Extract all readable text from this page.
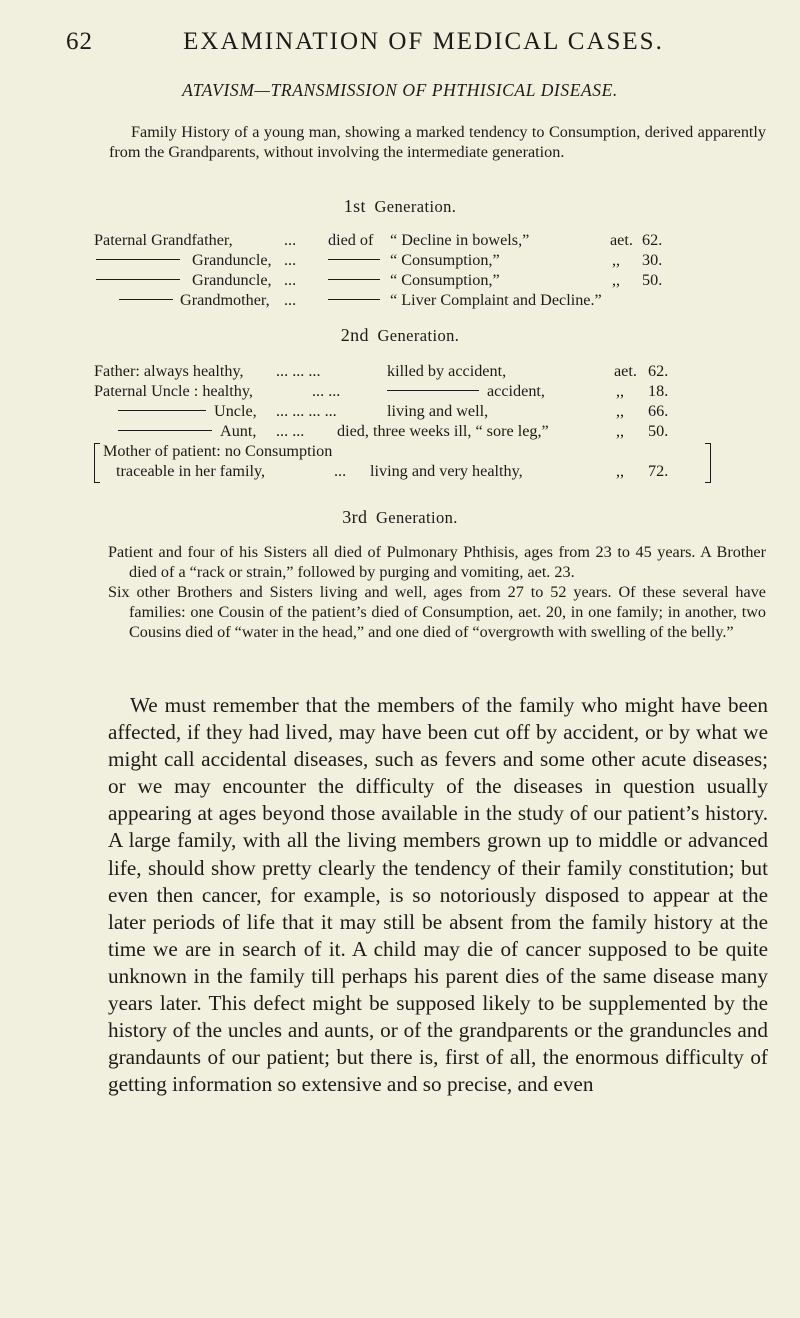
62	EXAMINATION OF MEDICAL CASES.
ATAVISM—TRANSMISSION OF PHTHISICAL DISEASE.
Family History of a young man, showing a marked tendency to Consumption, derived apparently from the Grandparents, without involving the intermediate generation.
1st Generation.
Paternal Grandfather,	... died of “ Decline in bowels,”	aet. 62.
Granduncle, ...	“ Consumption,”	,, 30.
Granduncle, ...	“ Consumption,”	,, 50.
Grandmother, ...	“ Liver Complaint and Decline.”
2nd Generation.
Father: always healthy, ... ... ...	killed by accident,	aet. 62.
Paternal Uncle : healthy,	... ...	accident,	,, 18.
Uncle, ... ... ... ...	living and well,	,, 66.
Aunt, ... ... died, three weeks ill, “ sore leg,”	,, 50.
Mother of patient: no Consumption
traceable in her family,	... living and very healthy,	,, 72.
3rd Generation.

Patient and four of his Sisters all died of Pulmonary Phthisis, ages from 23 to 45 years. A Brother died of a “rack or strain,” followed by purging and vomiting, aet. 23.

Six other Brothers and Sisters living and well, ages from 27 to 52 years. Of these several have families: one Cousin of the patient’s died of Consumption, aet. 20, in one family; in another, two Cousins died of “water in the head,” and one died of “overgrowth with swelling of the belly.”

We must remember that the members of the family who might have been affected, if they had lived, may have been cut off by accident, or by what we might call accidental diseases, such as fevers and some other acute diseases; or we may encounter the difficulty of the diseases in question usually appearing at ages beyond those available in the study of our patient’s history. A large family, with all the living members grown up to middle or advanced life, should show pretty clearly the tendency of their family constitution; but even then cancer, for example, is so notoriously disposed to appear at the later periods of life that it may still be absent from the family history at the time we are in search of it. A child may die of cancer supposed to be quite unknown in the family till perhaps his parent dies of the same disease many years later. This defect might be supposed likely to be supplemented by the history of the uncles and aunts, or of the grandparents or the granduncles and grandaunts of our patient; but there is, first of all, the enormous difficulty of getting information so extensive and so precise, and even
